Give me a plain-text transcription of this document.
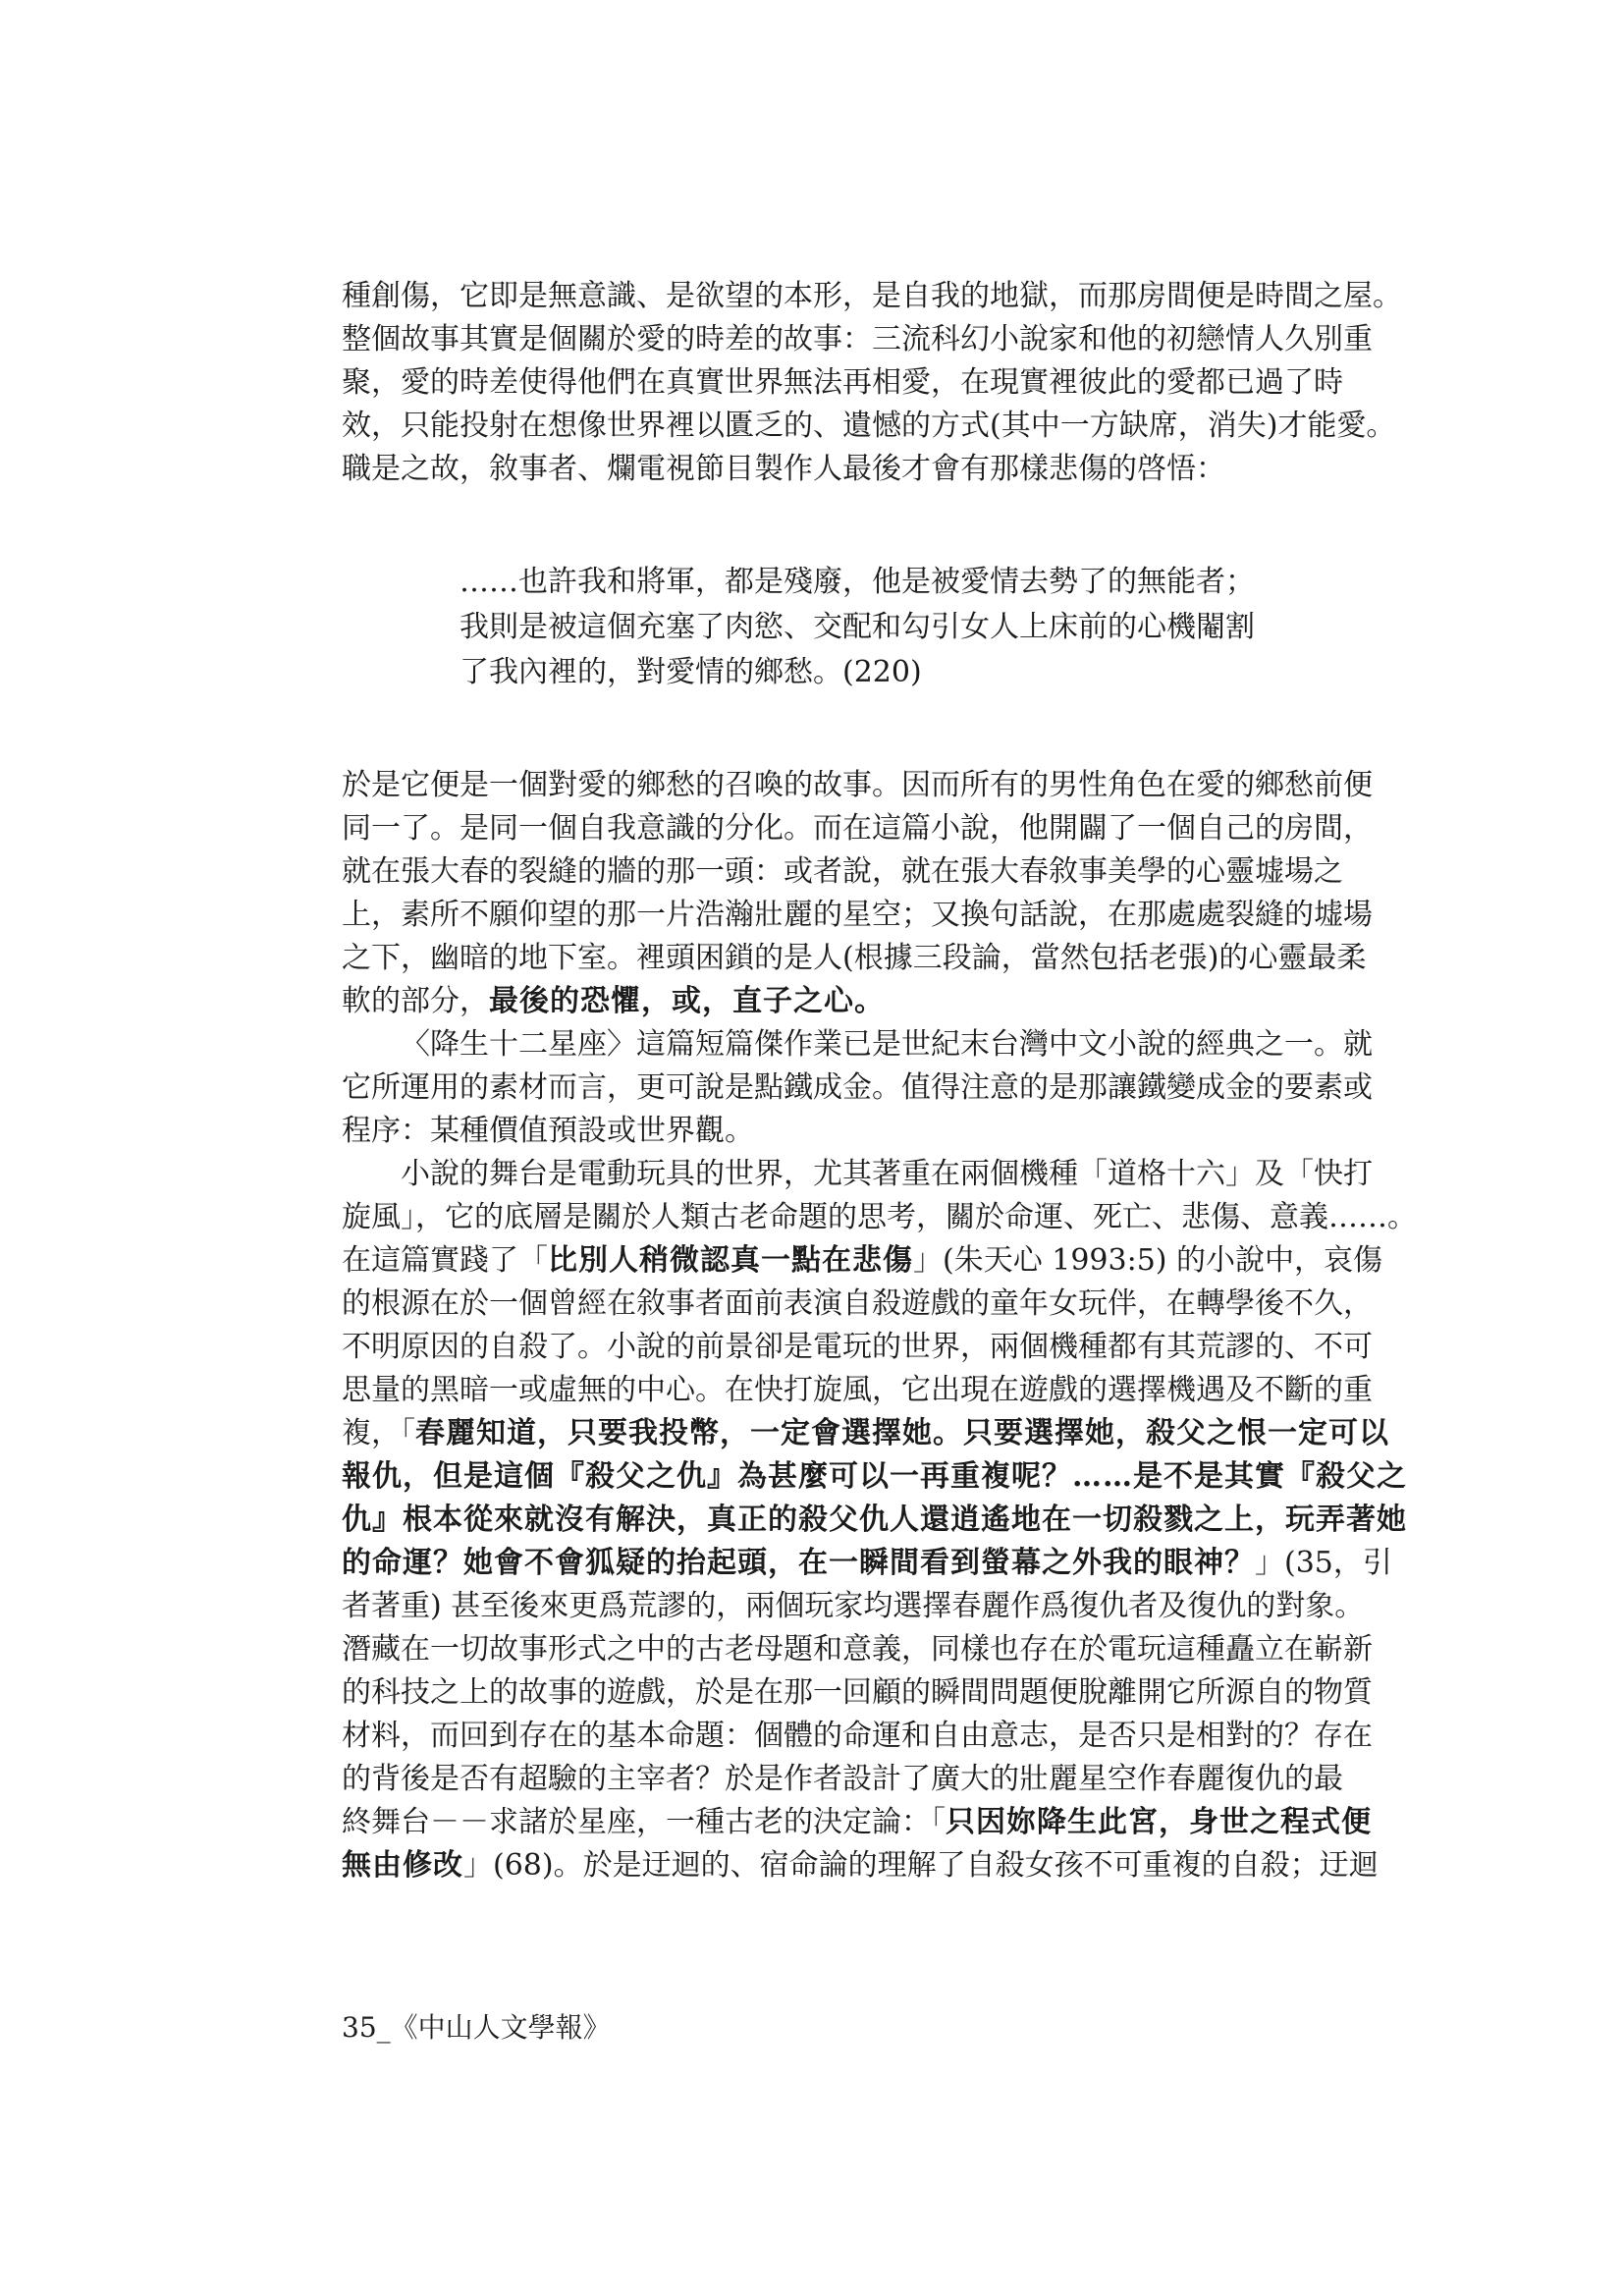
種創傷，它即是無意識、是欲望的本形，是自我的地獄，而那房間便是時間之屋。
整個故事其實是個關於愛的時差的故事：三流科幻小說家和他的初戀情人久別重
聚，愛的時差使得他們在真實世界無法再相愛，在現實裡彼此的愛都已過了時
效，只能投射在想像世界裡以匱乏的、遺憾的方式(其中一方缺席，消失)才能愛。
職是之故，敘事者、爛電視節目製作人最後才會有那樣悲傷的啓悟：

……也許我和將軍，都是殘廢，他是被愛情去勢了的無能者；
我則是被這個充塞了肉慾、交配和勾引女人上床前的心機閹割
了我內裡的，對愛情的鄉愁。(220)

於是它便是一個對愛的鄉愁的召喚的故事。因而所有的男性角色在愛的鄉愁前便
同一了。是同一個自我意識的分化。而在這篇小說，他開闢了一個自己的房間，
就在張大春的裂縫的牆的那一頭：或者說，就在張大春敘事美學的心靈墟場之
上，素所不願仰望的那一片浩瀚壯麗的星空；又換句話說，在那處處裂縫的墟場
之下，幽暗的地下室。裡頭困鎖的是人(根據三段論，當然包括老張)的心靈最柔
軟的部分，最後的恐懼，或，直子之心。

〈降生十二星座〉這篇短篇傑作業已是世紀末台灣中文小說的經典之一。就
它所運用的素材而言，更可說是點鐵成金。值得注意的是那讓鐵變成金的要素或
程序：某種價值預設或世界觀。

小說的舞台是電動玩具的世界，尤其著重在兩個機種「道格十六」及「快打
旋風」，它的底層是關於人類古老命題的思考，關於命運、死亡、悲傷、意義……。
在這篇實踐了「比別人稍微認真一點在悲傷」(朱天心 1993:5) 的小說中，哀傷
的根源在於一個曾經在敘事者面前表演自殺遊戲的童年女玩伴，在轉學後不久，
不明原因的自殺了。小說的前景卻是電玩的世界，兩個機種都有其荒謬的、不可
思量的黑暗一或虛無的中心。在快打旋風，它出現在遊戲的選擇機遇及不斷的重
複，「春麗知道，只要我投幣，一定會選擇她。只要選擇她，殺父之恨一定可以
報仇，但是這個『殺父之仇』為甚麼可以一再重複呢？……是不是其實『殺父之
仇』根本從來就沒有解決，真正的殺父仇人還逍遙地在一切殺戮之上，玩弄著她
的命運？她會不會狐疑的抬起頭，在一瞬間看到螢幕之外我的眼神？」(35，引
者著重) 甚至後來更爲荒謬的，兩個玩家均選擇春麗作爲復仇者及復仇的對象。
潛藏在一切故事形式之中的古老母題和意義，同樣也存在於電玩這種矗立在嶄新
的科技之上的故事的遊戲，於是在那一回顧的瞬間問題便脫離開它所源自的物質
材料，而回到存在的基本命題：個體的命運和自由意志，是否只是相對的？存在
的背後是否有超驗的主宰者？於是作者設計了廣大的壯麗星空作春麗復仇的最
終舞台－－求諸於星座，一種古老的決定論：「只因妳降生此宮，身世之程式便
無由修改」(68)。於是迂迴的、宿命論的理解了自殺女孩不可重複的自殺；迂迴

35_《中山人文學報》
